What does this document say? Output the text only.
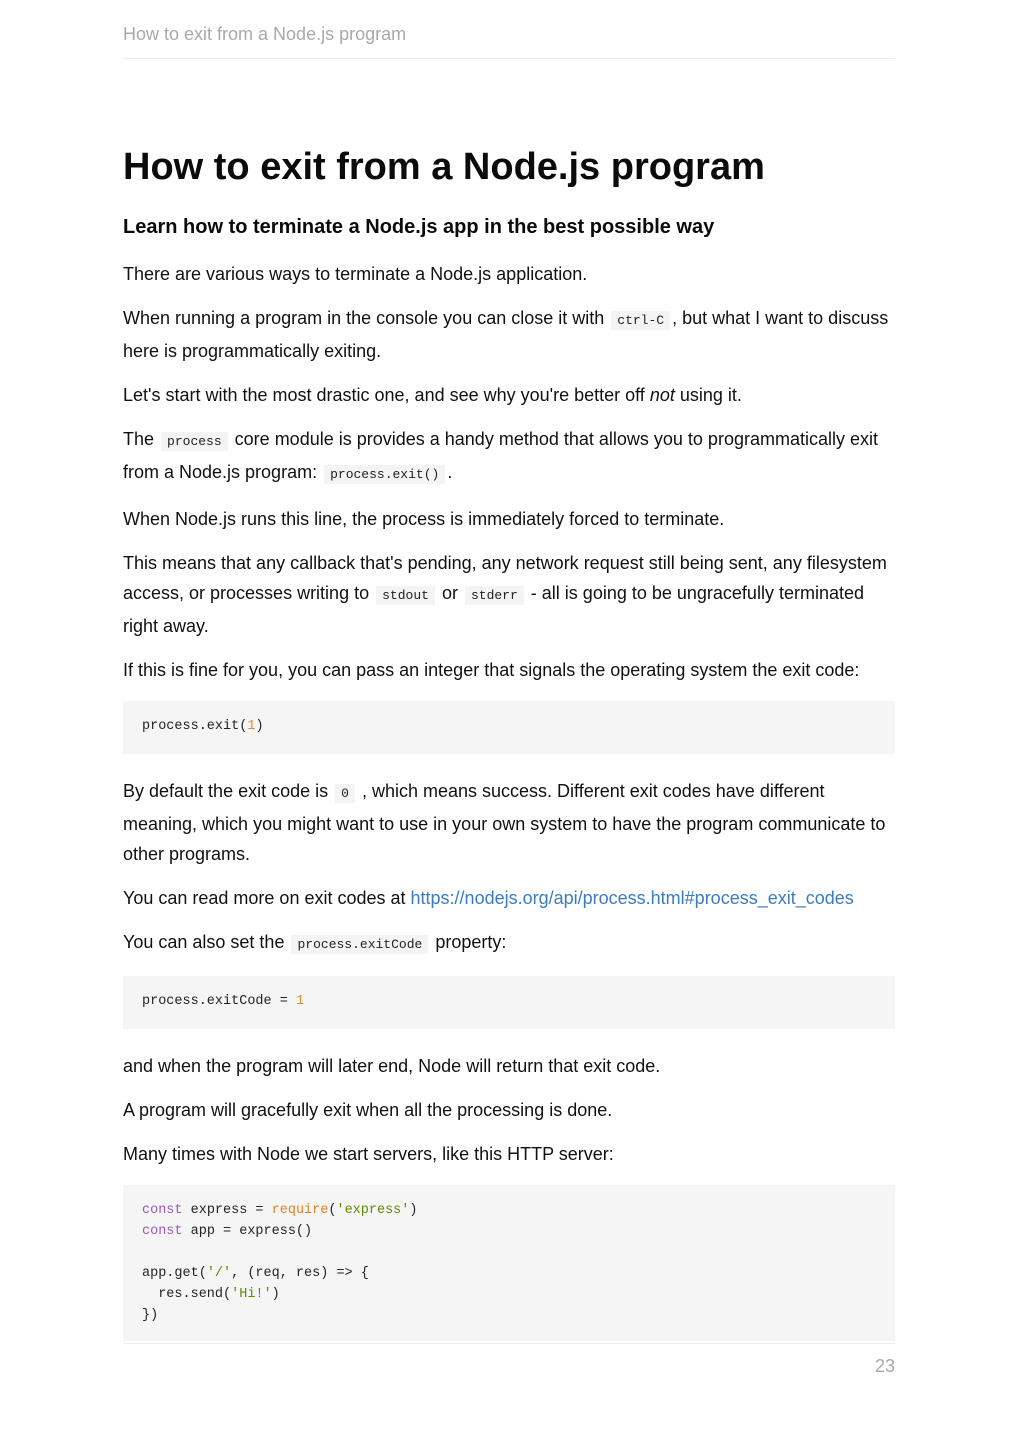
How to exit from a Node.js program
How to exit from a Node.js program
Learn how to terminate a Node.js app in the best possible way

There are various ways to terminate a Node.js application.

When running a program in the console you can close it with ctrl-C , but what I want to discuss here is programmatically exiting.

Let's start with the most drastic one, and see why you're better off not using it.

The process core module is provides a handy method that allows you to programmatically exit from a Node.js program: process.exit() .

When Node.js runs this line, the process is immediately forced to terminate.

This means that any callback that's pending, any network request still being sent, any filesystem access, or processes writing to stdout or stderr - all is going to be ungracefully terminated right away.

If this is fine for you, you can pass an integer that signals the operating system the exit code:

process.exit(1)

By default the exit code is 0 , which means success. Different exit codes have different meaning, which you might want to use in your own system to have the program communicate to other programs.

You can read more on exit codes at https://nodejs.org/api/process.html#process_exit_codes

You can also set the process.exitCode property:

process.exitCode = 1

and when the program will later end, Node will return that exit code.

A program will gracefully exit when all the processing is done.

Many times with Node we start servers, like this HTTP server:

const express = require('express')
const app = express()

app.get('/', (req, res) => {
res.send('Hi!')
})
23
